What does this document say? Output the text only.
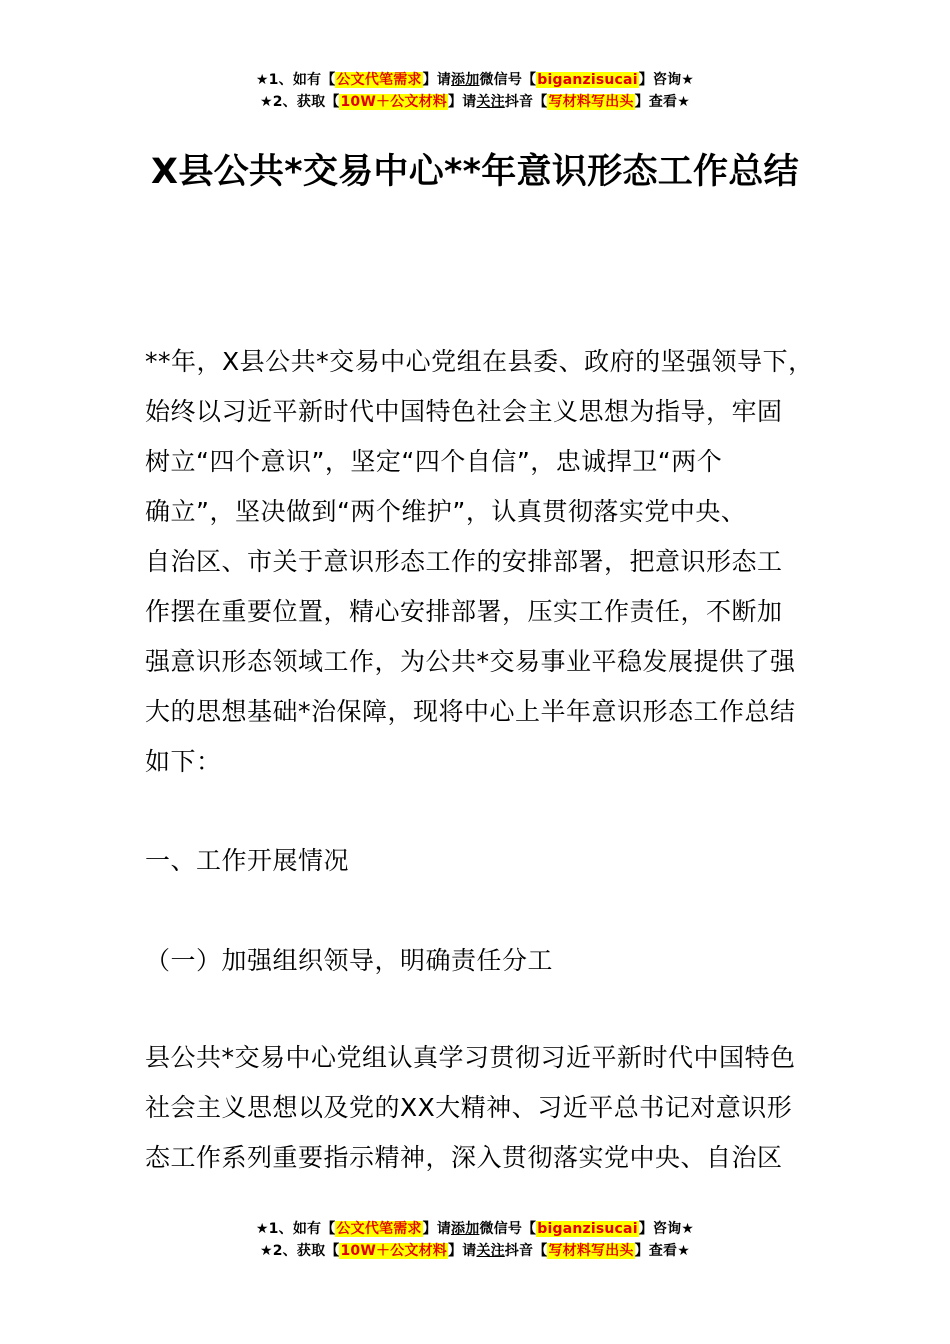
★1、如有【公文代笔需求】请添加微信号【biganzisucai】咨询★
★2、获取【10W＋公文材料】请关注抖音【写材料写出头】查看★
X县公共*交易中心**年意识形态工作总结
**年，X县公共*交易中心党组在县委、政府的坚强领导下，
始终以习近平新时代中国特色社会主义思想为指导，牢固
树立“四个意识”，坚定“四个自信”，忠诚捍卫“两个
确立”，坚决做到“两个维护”，认真贯彻落实党中央、
自治区、市关于意识形态工作的安排部署，把意识形态工
作摆在重要位置，精心安排部署，压实工作责任，不断加
强意识形态领域工作，为公共*交易事业平稳发展提供了强
大的思想基础*治保障，现将中心上半年意识形态工作总结
如下：
一、工作开展情况
（一）加强组织领导，明确责任分工
县公共*交易中心党组认真学习贯彻习近平新时代中国特色
社会主义思想以及党的XX大精神、习近平总书记对意识形
态工作系列重要指示精神，深入贯彻落实党中央、自治区
★1、如有【公文代笔需求】请添加微信号【biganzisucai】咨询★
★2、获取【10W＋公文材料】请关注抖音【写材料写出头】查看★
